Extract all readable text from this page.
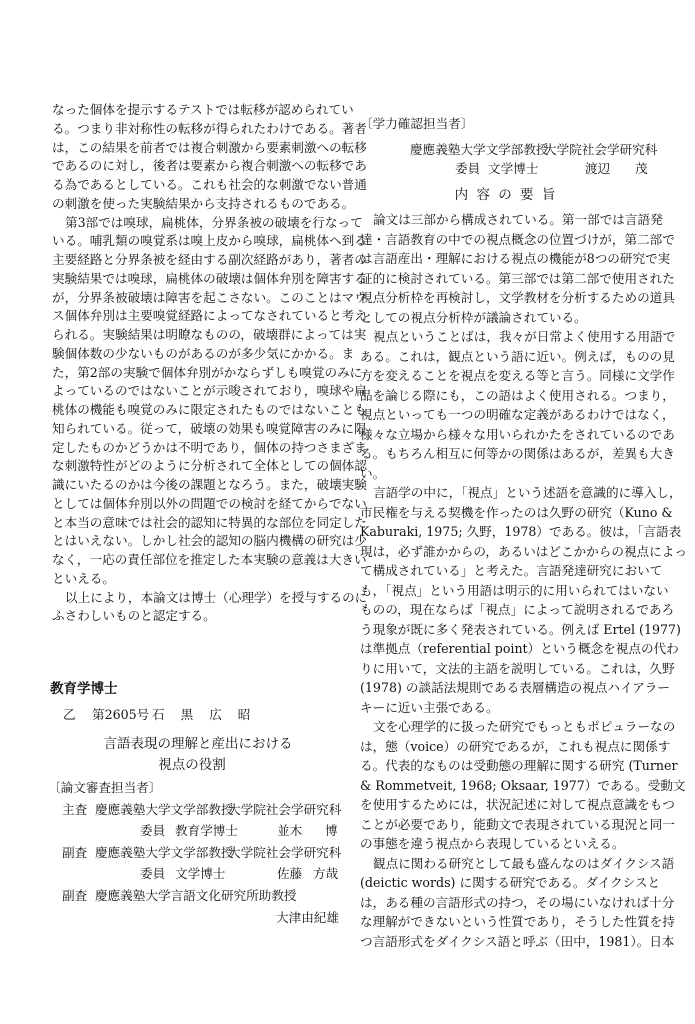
なった個体を提示するテストでは転移が認められてい
る。つまり非対称性の転移が得られたわけである。著者
は，この結果を前者では複合刺激から要素刺激への転移
であるのに対し，後者は要素から複合刺激への転移であ
る為であるとしている。これも社会的な刺激でない普通
の刺激を使った実験結果から支持されるものである。
第3部では嗅球，扁桃体，分界条被の破壊を行なって
いる。哺乳類の嗅覚系は嗅上皮から嗅球，扁桃体へ到る
主要経路と分界条被を経由する副次経路があり，著者の
実験結果では嗅球，扁桃体の破壊は個体弁別を障害する
が，分界条被破壊は障害を起こさない。このことはマウ
ス個体弁別は主要嗅覚経路によってなされていると考え
られる。実験結果は明瞭なものの，破壊群によっては実
験個体数の少ないものがあるのが多少気にかかる。ま
た，第2部の実験で個体弁別がかならずしも嗅覚のみに
よっているのではないことが示唆されており，嗅球や扁
桃体の機能も嗅覚のみに限定されたものではないことも
知られている。従って，破壊の効果も嗅覚障害のみに限
定したものかどうかは不明であり，個体の持つさまざま
な刺激特性がどのように分析されて全体としての個体認
識にいたるのかは今後の課題となろう。また，破壊実験
としては個体弁別以外の問題での検討を経てからでない
と本当の意味では社会的認知に特異的な部位を同定した
とはいえない。しかし社会的認知の脳内機構の研究は少
なく，一応の責任部位を推定した本実験の意義は大きい
といえる。
以上により，本論文は博士（心理学）を授与するのに
ふさわしいものと認定する。
教育学博士
乙 第2605号 石 黒 広 昭
言語表現の理解と産出における
視点の役割
〔論文審査担当者〕
主査 慶應義塾大学文学部教授
大学院社会学研究科
委員 教育学博士	並木 博
副査 慶應義塾大学文学部教授
大学院社会学研究科
委員 文学博士	佐藤 方哉
副査 慶應義塾大学言語文化研究所助教授
大津由紀雄
〔学力確認担当者〕
慶應義塾大学文学部教授
大学院社会学研究科
委員 文学博士	渡辺 茂
内 容 の 要 旨
論文は三部から構成されている。第一部では言語発
達・言語教育の中での視点概念の位置づけが，第二部で
は言語産出・理解における視点の機能が8つの研究で実
証的に検討されている。第三部では第二部で使用された
視点分析枠を再検討し，文学教材を分析するための道具
としての視点分析枠が議論されている。
視点ということばは，我々が日常よく使用する用語で
ある。これは，観点という語に近い。例えば，ものの見
方を変えることを視点を変える等と言う。同様に文学作
品を論じる際にも，この語はよく使用される。つまり，
視点といっても一つの明確な定義があるわけではなく，
様々な立場から様々な用いられかたをされているのであ
る。もちろん相互に何等かの関係はあるが，差異も大き
い。
言語学の中に，「視点」という述語を意識的に導入し，
市民権を与える契機を作ったのは久野の研究（Kuno &
Kaburaki, 1975; 久野，1978）である。彼は，「言語表
現は，必ず誰かからの，あるいはどこかからの視点によっ
て構成されている」と考えた。言語発達研究において
も，「視点」という用語は明示的に用いられてはいない
ものの，現在ならば「視点」によって説明されるであろ
う現象が既に多く発表されている。例えば Ertel (1977)
は準拠点（referential point）という概念を視点の代わ
りに用いて，文法的主語を説明している。これは，久野
(1978) の談話法規則である表層構造の視点ハイアラー
キーに近い主張である。
文を心理学的に扱った研究でもっともポピュラーなの
は，態（voice）の研究であるが，これも視点に関係す
る。代表的なものは受動態の理解に関する研究 (Turner
& Rommetveit, 1968; Oksaar, 1977）である。受動文
を使用するためには，状況記述に対して視点意識をもつ
ことが必要であり，能動文で表現されている現況と同一
の事態を違う視点から表現しているといえる。
観点に関わる研究として最も盛んなのはダイクシス語
(deictic words) に関する研究である。ダイクシスと
は，ある種の言語形式の持つ，その場にいなければ十分
な理解ができないという性質であり，そうした性質を持
つ言語形式をダイクシス語と呼ぶ（田中，1981）。日本
